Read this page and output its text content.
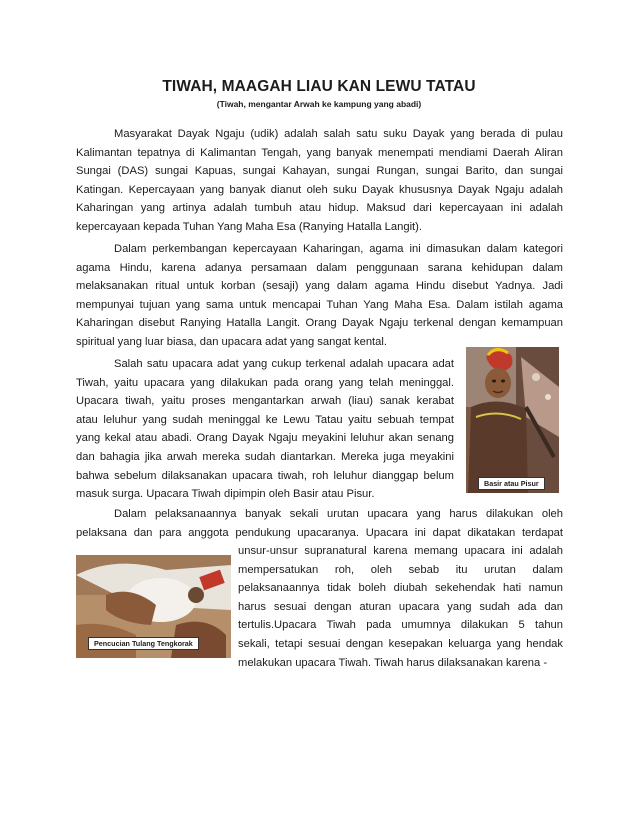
TIWAH, MAAGAH LIAU KAN LEWU TATAU
(Tiwah, mengantar Arwah ke kampung yang abadi)
Masyarakat Dayak Ngaju (udik) adalah salah satu suku Dayak yang berada di pulau
Kalimantan tepatnya di Kalimantan Tengah, yang banyak menempati mendiami Daerah Aliran
Sungai (DAS) sungai Kapuas, sungai Kahayan, sungai Rungan, sungai Barito, dan sungai
Katingan. Kepercayaan yang banyak dianut oleh suku Dayak khususnya Dayak Ngaju adalah
Kaharingan yang artinya adalah tumbuh atau hidup. Maksud dari kepercayaan ini adalah
kepercayaan kepada Tuhan Yang Maha Esa (Ranying Hatalla Langit).
Dalam perkembangan kepercayaan Kaharingan, agama ini dimasukan dalam kategori
agama Hindu, karena adanya persamaan dalam penggunaan sarana kehidupan dalam
melaksanakan ritual untuk korban (sesaji) yang dalam agama Hindu disebut Yadnya. Jadi
mempunyai tujuan yang sama untuk mencapai Tuhan Yang Maha Esa. Dalam istilah agama
Kaharingan disebut Ranying Hatalla Langit. Orang Dayak Ngaju terkenal dengan kemampuan
spiritual yang luar biasa, dan upacara adat yang sangat kental.
Salah satu upacara adat yang cukup terkenal adalah upacara adat
Tiwah, yaitu upacara yang dilakukan pada orang yang telah meninggal.
Upacara tiwah, yaitu proses mengantarkan arwah (liau) sanak kerabat
atau leluhur yang sudah meninggal ke Lewu Tatau yaitu sebuah tempat
yang kekal atau abadi. Orang Dayak Ngaju meyakini leluhur akan senang
dan bahagia jika arwah mereka sudah diantarkan. Mereka juga meyakini
bahwa sebelum dilaksanakan upacara tiwah, roh leluhur dianggap belum
masuk surga. Upacara Tiwah dipimpin oleh Basir atau Pisur.
Basir atau Pisur
Dalam pelaksanaannya banyak sekali urutan upacara yang harus dilakukan oleh
pelaksana dan para anggota pendukung upacaranya. Upacara ini dapat dikatakan terdapat
Pencucian Tulang Tengkorak
unsur-unsur supranatural karena memang upacara ini adalah
mempersatukan roh, oleh sebab itu urutan dalam
pelaksanaannya tidak boleh diubah sekehendak hati namun
harus sesuai dengan aturan upacara yang sudah ada dan
tertulis.Upacara Tiwah pada umumnya dilakukan 5 tahun
sekali, tetapi sesuai dengan kesepakan keluarga yang hendak
melakukan upacara Tiwah. Tiwah harus dilaksanakan karena -
